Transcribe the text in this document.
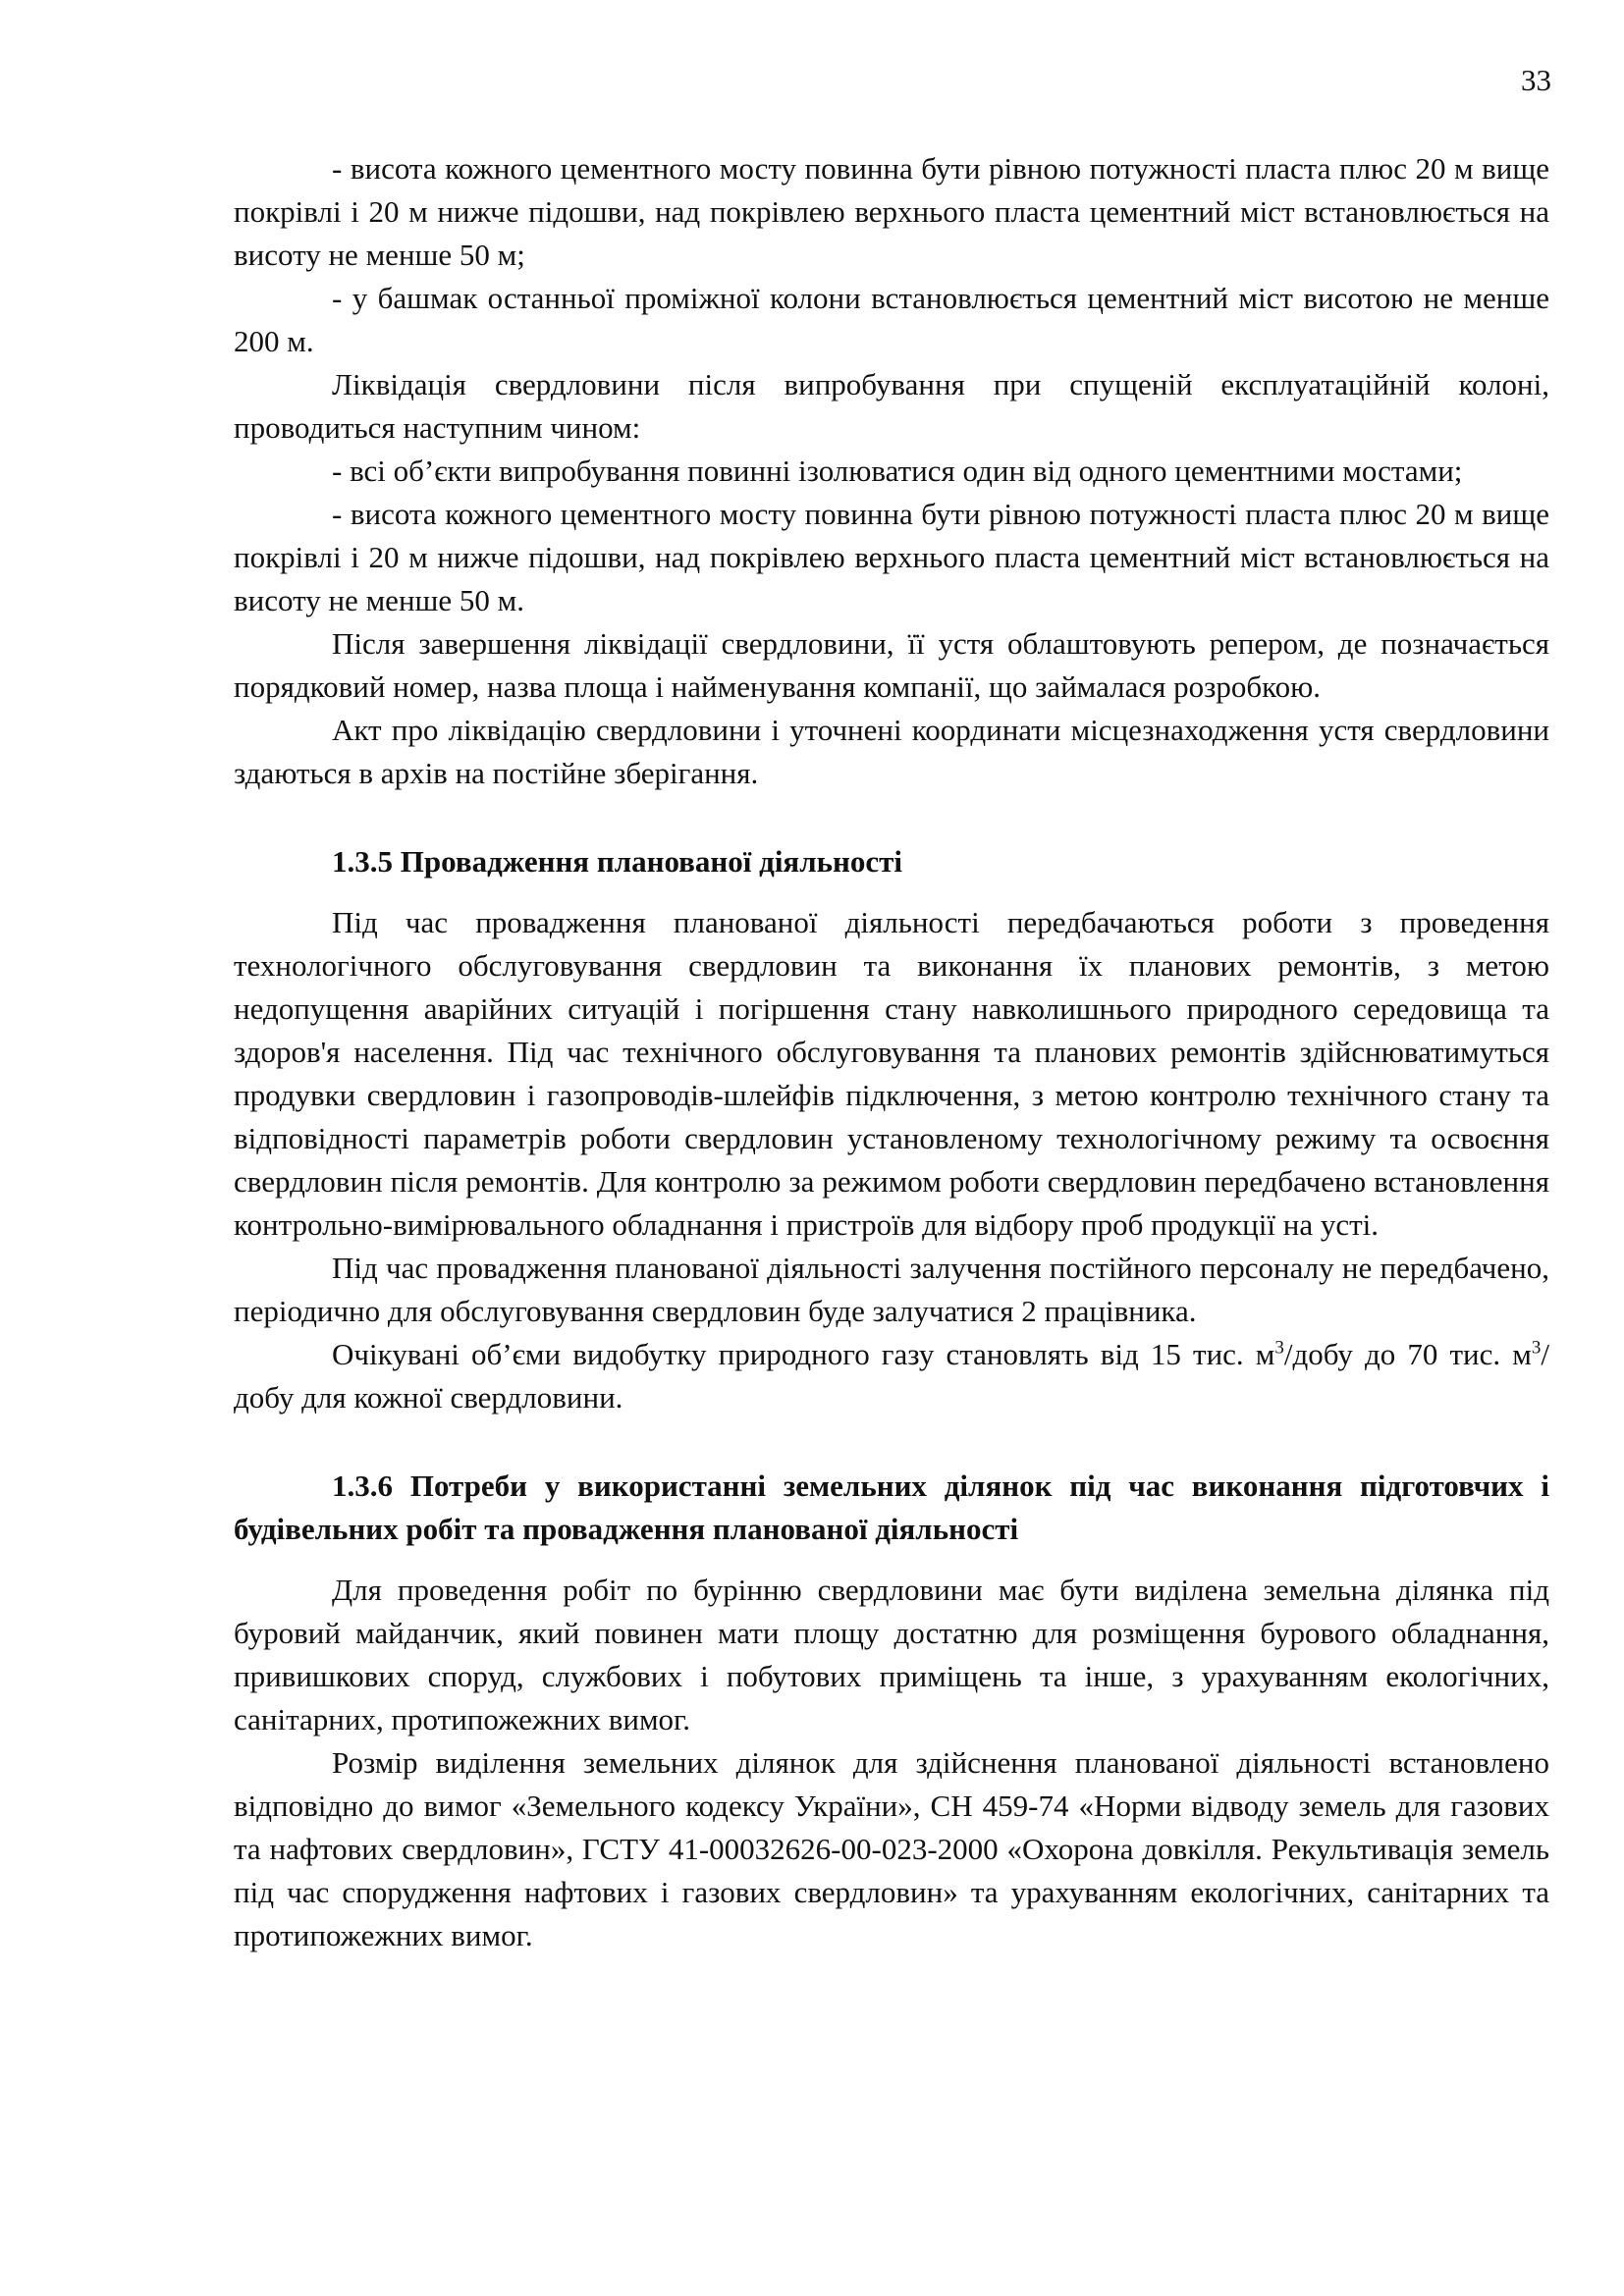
33

- висота кожного цементного мосту повинна бути рівною потужності пласта плюс 20 м вище покрівлі і 20 м нижче підошви, над покрівлею верхнього пласта цементний міст встановлюється на висоту не менше 50 м;

- у башмак останньої проміжної колони встановлюється цементний міст висотою не менше 200 м.

Ліквідація свердловини після випробування при спущеній експлуатаційній колоні, проводиться наступним чином:

- всі об’єкти випробування повинні ізолюватися один від одного цементними мостами;

- висота кожного цементного мосту повинна бути рівною потужності пласта плюс 20 м вище покрівлі і 20 м нижче підошви, над покрівлею верхнього пласта цементний міст встановлюється на висоту не менше 50 м.

Після завершення ліквідації свердловини, її устя облаштовують репером, де позначається порядковий номер, назва площа і найменування компанії, що займалася розробкою.

Акт про ліквідацію свердловини і уточнені координати місцезнаходження устя свердловини здаються в архів на постійне зберігання.

1.3.5 Провадження планованої діяльності

Під час провадження планованої діяльності передбачаються роботи з проведення технологічного обслуговування свердловин та виконання їх планових ремонтів, з метою недопущення аварійних ситуацій і погіршення стану навколишнього природного середовища та здоров'я населення. Під час технічного обслуговування та планових ремонтів здійснюватимуться продувки свердловин і газопроводів-шлейфів підключення, з метою контролю технічного стану та відповідності параметрів роботи свердловин установленому технологічному режиму та освоєння свердловин після ремонтів. Для контролю за режимом роботи свердловин передбачено встановлення контрольно-вимірювального обладнання і пристроїв для відбору проб продукції на усті.

Під час провадження планованої діяльності залучення постійного персоналу не передбачено, періодично для обслуговування свердловин буде залучатися 2 працівника.

Очікувані об’єми видобутку природного газу становлять від 15 тис. $м^3$/добу до 70 тис. $м^3$/добу для кожної свердловини.

1.3.6 Потреби у використанні земельних ділянок під час виконання підготовчих і будівельних робіт та провадження планованої діяльності

Для проведення робіт по бурінню свердловини має бути виділена земельна ділянка під буровий майданчик, який повинен мати площу достатню для розміщення бурового обладнання, привишкових споруд, службових і побутових приміщень та інше, з урахуванням екологічних, санітарних, протипожежних вимог.

Розмір виділення земельних ділянок для здійснення планованої діяльності встановлено відповідно до вимог «Земельного кодексу України», СН 459-74 «Норми відводу земель для газових та нафтових свердловин», ГСТУ 41-00032626-00-023-2000 «Охорона довкілля. Рекультивація земель під час спорудження нафтових і газових свердловин» та урахуванням екологічних, санітарних та протипожежних вимог.
